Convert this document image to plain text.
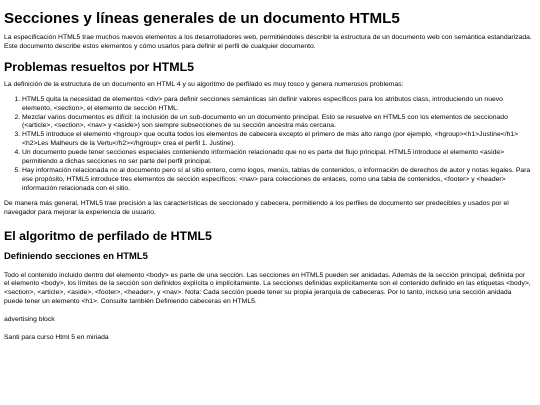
Secciones y líneas generales de un documento HTML5

La especificación HTML5 trae muchos nuevos elementos a los desarrolladores web, permitiéndoles describir la estructura de un documento web con semántica estandarizada. Este documento describe estos elementos y cómo usarlos para definir el perfil de cualquier documento.

Problemas resueltos por HTML5

La definición de la estructura de un documento en HTML 4 y su algoritmo de perfilado es muy tosco y genera numerosos problemas:

1. HTML5 quita la necesidad de elementos <div> para definir secciones semánticas sin definir valores específicos para los atributos class, introduciendo un nuevo elemento, <section>, el elemento de sección HTML.
2. Mezclar varios documentos es difícil: la inclusión de un sub-documento en un documento principal. Esto se resuelve en HTML5 con los elementos de seccionado (<article>, <section>, <nav> y <aside>) son siempre subsecciones de su sección ancestra más cercana.
3. HTML5 introduce el elemento <hgroup> que oculta todos los elementos de cabecera excepto el primero de más alto rango (por ejemplo, <hgroup><h1>Justine</h1><h2>Les Malheurs de la Vertu</h2></hgroup> crea el perfil 1. Justine).
4. Un documento puede tener secciones especiales conteniendo información relacionado que no es parte del flujo principal. HTML5 introduce el elemento <aside> permitiendo a dichas secciones no ser parte del perfil principal.
5. Hay información relacionada no al documento pero sí al sitio entero, como logos, menús, tablas de contenidos, o información de derechos de autor y notas legales. Para ese propósito, HTML5 introduce tres elementos de sección específicos: <nav> para colecciones de enlaces, como una tabla de contenidos, <footer> y <header> información relacionada con el sitio.

De manera más general, HTML5 trae precisión a las características de seccionado y cabecera, permitiendo a los perfiles de documento ser predecibles y usados por el navegador para mejorar la experiencia de usuario.

El algoritmo de perfilado de HTML5
Definiendo secciones en HTML5

Todo el contenido incluido dentro del elemento <body> es parte de una sección. Las secciones en HTML5 pueden ser anidadas. Además de la sección principal, definida por el elemento <body>, los límites de la sección son definidos explícita o implícitamente. La secciones definidas explícitamente son el contenido definido en las etiquetas <body>, <section>, <article>, <aside>, <footer>, <header>, y <nav>. Nota: Cada sección puede tener su propia jerarquía de cabeceras. Por lo tanto, incluso una sección anidada puede tener un elemento <h1>. Consulte también Definiendo cabeceras en HTML5.

advertising block

Santi para curso Html 5 en miriada
